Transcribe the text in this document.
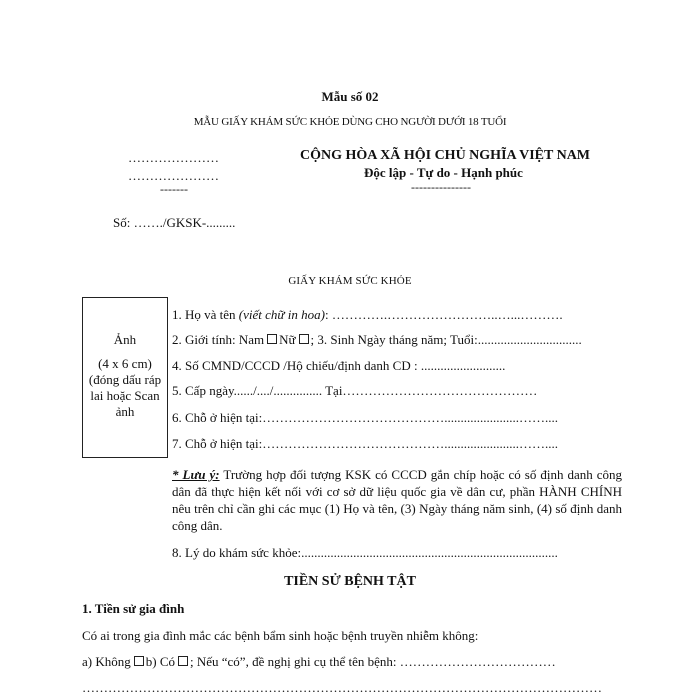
Mẫu số 02
MẪU GIẤY KHÁM SỨC KHỎE DÙNG CHO NGƯỜI DƯỚI 18 TUỔI
…………………
…………………
-------
CỘNG HÒA XÃ HỘI CHỦ NGHĨA VIỆT NAM
Độc lập - Tự do - Hạnh phúc
---------------
Số: ……./GKSK-.........
GIẤY KHÁM SỨC KHỎE
Ảnh
(4 x 6 cm)
(đóng dấu ráp lai hoặc Scan ảnh
1. Họ và tên (viết chữ in hoa): ………….……………………..…...……….
2. Giới tính: Nam Nữ ; 3. Sinh Ngày tháng năm; Tuổi:................................
4. Số CMND/CCCD /Hộ chiếu/định danh CD : ..........................
5. Cấp ngày....../..../............... Tại………………………………………
6. Chỗ ở hiện tại:…………………………………….......................……....
7. Chỗ ở hiện tại:…………………………………….......................……....
* Lưu ý: Trường hợp đối tượng KSK có CCCD gắn chíp hoặc có số định danh công dân đã thực hiện kết nối với cơ sở dữ liệu quốc gia về dân cư, phần HÀNH CHÍNH nêu trên chỉ cần ghi các mục (1) Họ và tên, (3) Ngày tháng năm sinh, (4) số định danh công dân.
8. Lý do khám sức khỏe:...............................................................................
TIỀN SỬ BỆNH TẬT
1. Tiền sử gia đình
Có ai trong gia đình mắc các bệnh bẩm sinh hoặc bệnh truyền nhiễm không:
a) Không b) Có ; Nếu “có”, đề nghị ghi cụ thể tên bệnh: ………………………………
…………………………………………………………………………………………………………
